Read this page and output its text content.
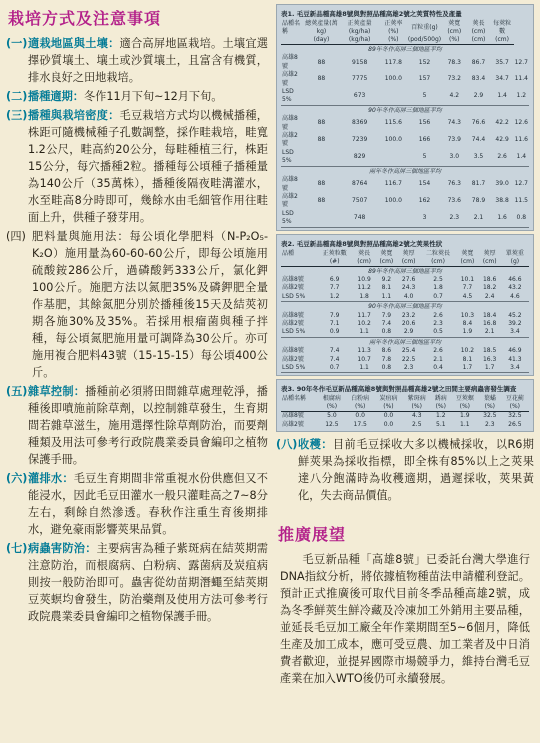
栽培方式及注意事項

(一) 適栽地區與土壤：適合高屏地區栽培。土壤宜選擇砂質壤土、壤土或沙質壤土，且富含有機質，排水良好之田地栽培。

(二) 播種適期：冬作11月下旬~12月下旬。

(三) 播種與栽培密度：毛豆栽培方式均以機械播種，株距可隨機械種子孔數調整，採作畦栽培，畦寬1.2公尺，畦高約20公分，每畦種植三行，株距15公分，每穴播種2粒。播種每公頃種子播種量為140公斤（35萬株），播種後隔夜畦溝灌水，水至畦高8分時即可，幾餘水由毛細管作用往畦面上升，供種子發芽用。

(四) 肥料量與施用法：每公頃化學肥料（N-P₂O₅-K₂O）施用量為60-60-60公斤，即每公頃施用硫酸銨286公斤，過磷酸鈣333公斤，氯化鉀100公斤。施肥方法以氮肥35%及磷鉀肥全量作基肥，其餘氮肥分別於播種後15天及結莢初期各施30%及35%。若採用根瘤菌與種子拌種，每公頃氮肥施用量可調降為30公斤。亦可施用複合肥料43號（15-15-15）每公頃400公斤。

(五) 雜草控制：播種前必須將田間雜草處理乾淨，播種後即噴施前除草劑，以控制雜草發生，生育期間若雜草滋生，施用選擇性除草劑防治，而要劑種類及用法可參考行政院農業委員會編印之植物保護手冊。

(六) 灌排水：毛豆生育期間非常重視水份供應但又不能浸水，因此毛豆田灌水一般只灌畦高之7~8分左右，剩餘自然滲透。春秋作注重生育後期排水，避免豪雨影響莢果品質。

(七) 病蟲害防治：主要病害為種子紫斑病在結莢期需注意防治，而根腐病、白粉病、露菌病及炭疽病則按一般防治即可。蟲害從幼苗期潛蠅至結莢期豆莢螟均會發生，防治藥劑及使用方法可參考行政院農業委員會編印之植物保護手冊。

表1. 毛豆新品種高雄8號與對照品種高雄2號之莢質特性及產量
品種名稱	總莢產量(萬kg)	正莢產量(kg/ha)	正莢率(%)	百粒重(g)	莢寬(cm)	莢長(cm)	每莢粒數	
	(day)	(kg/ha)	(%)	(pod/500g)	(%)	(cm)	(cm)	
89年冬作高屏三個地區平均								
高雄8號	88	9158	117.8	152	78.3	86.7	35.7	12.7
高雄2號	88	7775	100.0	157	73.2	83.4	34.7	11.4
LSD 5%		673		5	4.2	2.9	1.4	1.2
90年冬作高屏三個地區平均								
高雄8號	88	8369	115.6	156	74.3	76.6	42.2	12.6
高雄2號	88	7239	100.0	166	73.9	74.4	42.9	11.6
LSD 5%		829		5	3.0	3.5	2.6	1.4
兩年冬作高屏三個地區平均								
高雄8號	88	8764	116.7	154	76.3	81.7	39.0	12.7
高雄2號	88	7507	100.0	162	73.6	78.9	38.8	11.5
LSD 5%		748		3	2.3	2.1	1.6	0.8
表2. 毛豆新品種高雄8號與對照品種高雄2號之莢果性狀
品種	正莢粒數	莢長	莢寬	莢厚	二粒莢長	莢寬	莢厚	單莢重
	(#)	(cm)	(cm)	(cm)	(cm)	(cm)	(cm)	(g)
89年冬作高屏三個地區平均								
高雄8號	6.9	10.9	9.2	27.6	2.5	10.1	18.6	46.6
高雄2號	7.7	11.2	8.1	24.3	1.8	7.7	18.2	43.2
LSD 5%	1.2	1.8	1.1	4.0	0.7	4.5	2.4	4.6
90年冬作高屏三個地區平均								
高雄8號	7.9	11.7	7.9	23.2	2.6	10.3	18.4	45.2
高雄2號	7.1	10.2	7.4	20.6	2.3	8.4	16.8	39.2
LSD 5%	0.9	1.1	0.8	2.9	0.5	1.9	2.1	3.4
兩年冬作高屏三個地區平均								
高雄8號	7.4	11.3	8.6	25.4	2.6	10.2	18.5	46.9
高雄2號	7.4	10.7	7.8	22.5	2.1	8.1	16.3	41.3
LSD 5%	0.7	1.1	0.8	2.3	0.4	1.7	1.7	3.4
表3. 90年冬作毛豆新品種高雄8號與對照品種高雄2號之田間主要病蟲害發生調查
品種名稱	根腐病	白粉病	炭疽病	紫斑病	銹病	豆莢螟	葉蟎	豆花薊
	(%)	(%)	(%)	(%)	(%)	(%)	(%)	(%)
高雄8號	5.0	0.0	0.0	4.3	1.2	1.9	32.5	32.5
高雄2號	12.5	17.5	0.0	2.5	5.1	1.1	2.3	26.5

(八) 收穫：目前毛豆採收大多以機械採收，以R6期鮮莢果為採收指標，即全株有85%以上之莢果達八分飽滿時為收穫適期，過遲採收，莢果黃化，失去商品價值。

推廣展望

毛豆新品種「高雄8號」已委託台灣大學進行DNA指紋分析，將依據植物種苗法申請權利登記。預計正式推廣後可取代目前冬季品種高雄2號，成為冬季鮮莢生鮮冷藏及冷凍加工外銷用主要品種，並延長毛豆加工廠全年作業期間至5~6個月，降低生產及加工成本，應可受豆農、加工業者及中日消費者歡迎，並提昇國際市場競爭力，維持台灣毛豆產業在加入WTO後仍可永續發展。
